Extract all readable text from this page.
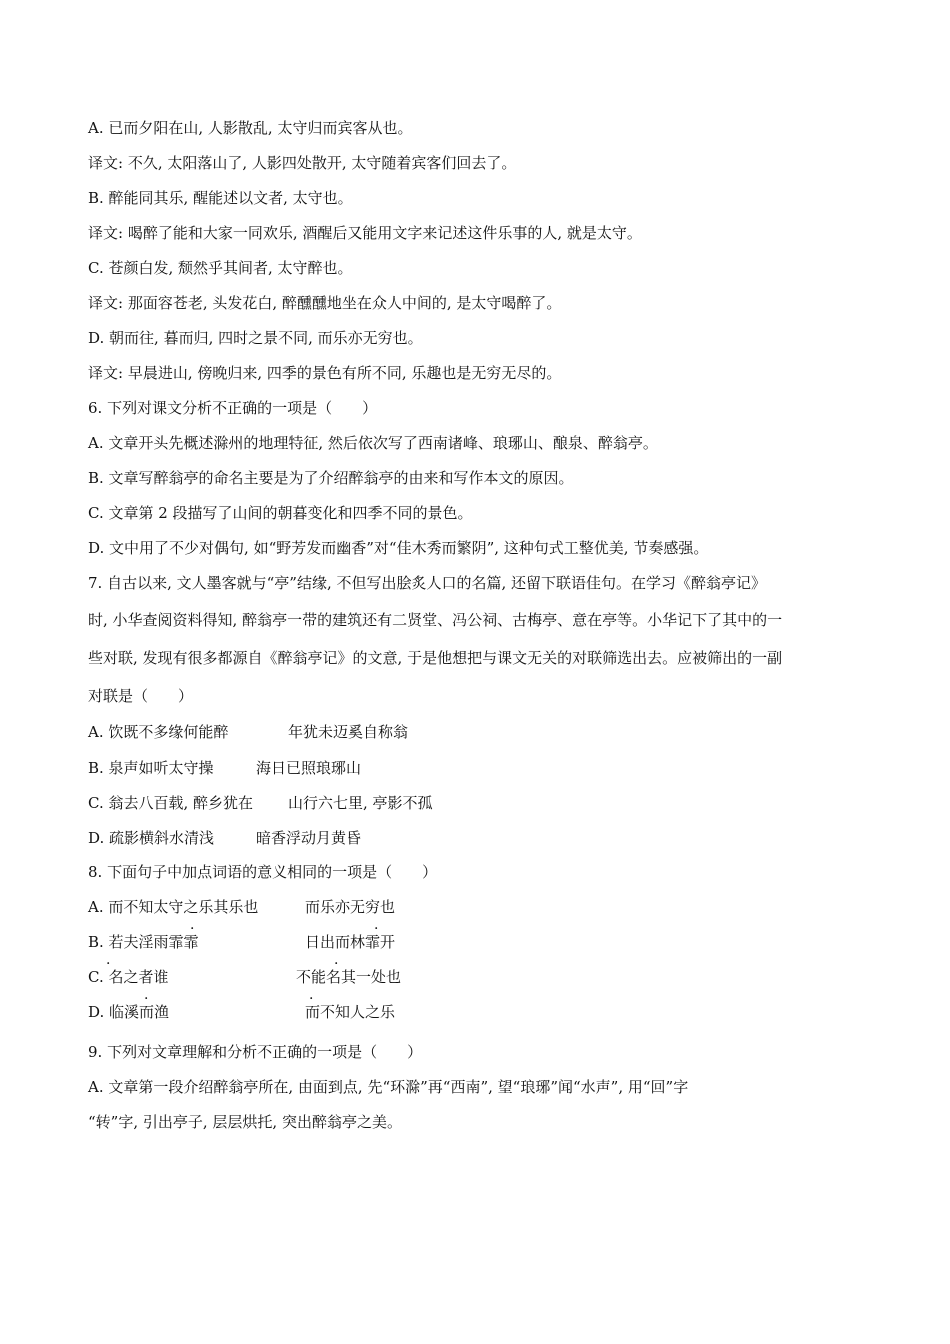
A. 已而夕阳在山, 人影散乱, 太守归而宾客从也。
译文: 不久, 太阳落山了, 人影四处散开, 太守随着宾客们回去了。
B. 醉能同其乐, 醒能述以文者, 太守也。
译文: 喝醉了能和大家一同欢乐, 酒醒后又能用文字来记述这件乐事的人, 就是太守。
C. 苍颜白发, 颓然乎其间者, 太守醉也。
译文: 那面容苍老, 头发花白, 醉醺醺地坐在众人中间的, 是太守喝醉了。
D. 朝而往, 暮而归, 四时之景不同, 而乐亦无穷也。
译文: 早晨进山, 傍晚归来, 四季的景色有所不同, 乐趣也是无穷无尽的。
6. 下列对课文分析不正确的一项是（　　）
A. 文章开头先概述滁州的地理特征, 然后依次写了西南诸峰、琅琊山、酿泉、醉翁亭。
B. 文章写醉翁亭的命名主要是为了介绍醉翁亭的由来和写作本文的原因。
C. 文章第 2 段描写了山间的朝暮变化和四季不同的景色。
D. 文中用了不少对偶句, 如“野芳发而幽香”对“佳木秀而繁阴”, 这种句式工整优美, 节奏感强。
7. 自古以来, 文人墨客就与“亭”结缘, 不但写出脍炙人口的名篇, 还留下联语佳句。在学习《醉翁亭记》
时, 小华查阅资料得知, 醉翁亭一带的建筑还有二贤堂、冯公祠、古梅亭、意在亭等。小华记下了其中的一
些对联, 发现有很多都源自《醉翁亭记》的文意, 于是他想把与课文无关的对联筛选出去。应被筛出的一副
对联是（　　）
A. 饮既不多缘何能醉	年犹未迈奚自称翁
B. 泉声如听太守操	海日已照琅琊山
C. 翁去八百载, 醉乡犹在 山行六七里, 亭影不孤
D. 疏影横斜水清浅	暗香浮动月黄昏
8. 下面句子中加点词语的意义相同的一项是（　　）
A. 而不知太守之乐其乐也	而乐亦无穷也
B. 若夫淫雨霏霏	日出而林霏开
C. 名之者谁	不能名其一处也
D. 临溪而渔	而不知人之乐
·	·
·	·
·	·
9. 下列对文章理解和分析不正确的一项是（　　）
A. 文章第一段介绍醉翁亭所在, 由面到点, 先“环滁”再“西南”, 望“琅琊”闻“水声”, 用“回”字
“转”字, 引出亭子, 层层烘托, 突出醉翁亭之美。
